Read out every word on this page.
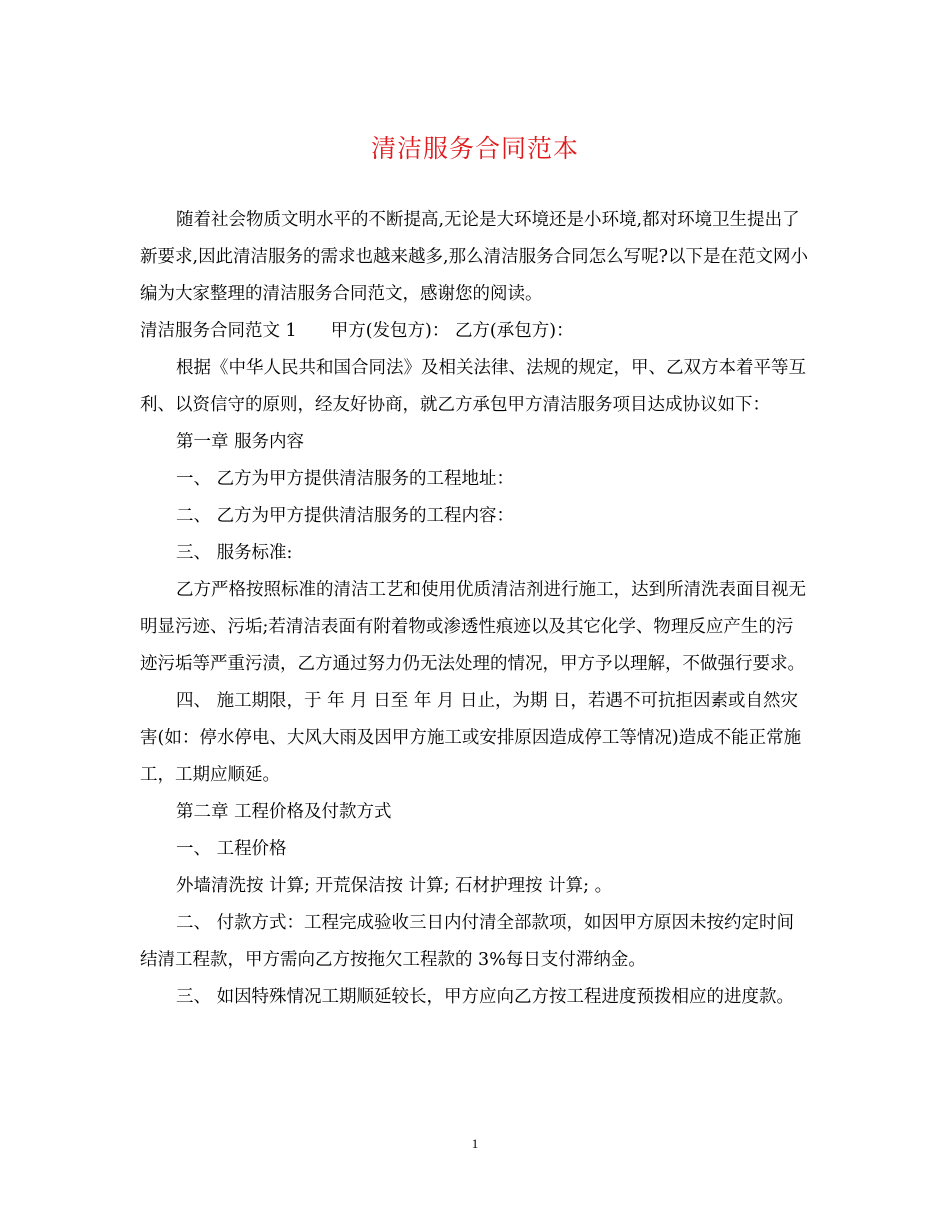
清洁服务合同范本

随着社会物质文明水平的不断提高,无论是大环境还是小环境,都对环境卫生提出了新要求,因此清洁服务的需求也越来越多,那么清洁服务合同怎么写呢?以下是在范文网小编为大家整理的清洁服务合同范文，感谢您的阅读。

清洁服务合同范文 1 甲方(发包方)： 乙方(承包方)：

根据《中华人民共和国合同法》及相关法律、法规的规定，甲、乙双方本着平等互利、以资信守的原则，经友好协商，就乙方承包甲方清洁服务项目达成协议如下：

第一章 服务内容

一、 乙方为甲方提供清洁服务的工程地址：

二、 乙方为甲方提供清洁服务的工程内容：

三、 服务标准:

乙方严格按照标准的清洁工艺和使用优质清洁剂进行施工，达到所清洗表面目视无明显污迹、污垢;若清洁表面有附着物或渗透性痕迹以及其它化学、物理反应产生的污迹污垢等严重污渍，乙方通过努力仍无法处理的情况，甲方予以理解，不做强行要求。

四、 施工期限，于 年 月 日至 年 月 日止，为期 日，若遇不可抗拒因素或自然灾害(如：停水停电、大风大雨及因甲方施工或安排原因造成停工等情况)造成不能正常施工，工期应顺延。

第二章 工程价格及付款方式

一、 工程价格

外墙清洗按 计算; 开荒保洁按 计算; 石材护理按 计算; 。

二、 付款方式：工程完成验收三日内付清全部款项，如因甲方原因未按约定时间结清工程款，甲方需向乙方按拖欠工程款的 3%每日支付滞纳金。

三、 如因特殊情况工期顺延较长，甲方应向乙方按工程进度预拨相应的进度款。

1
